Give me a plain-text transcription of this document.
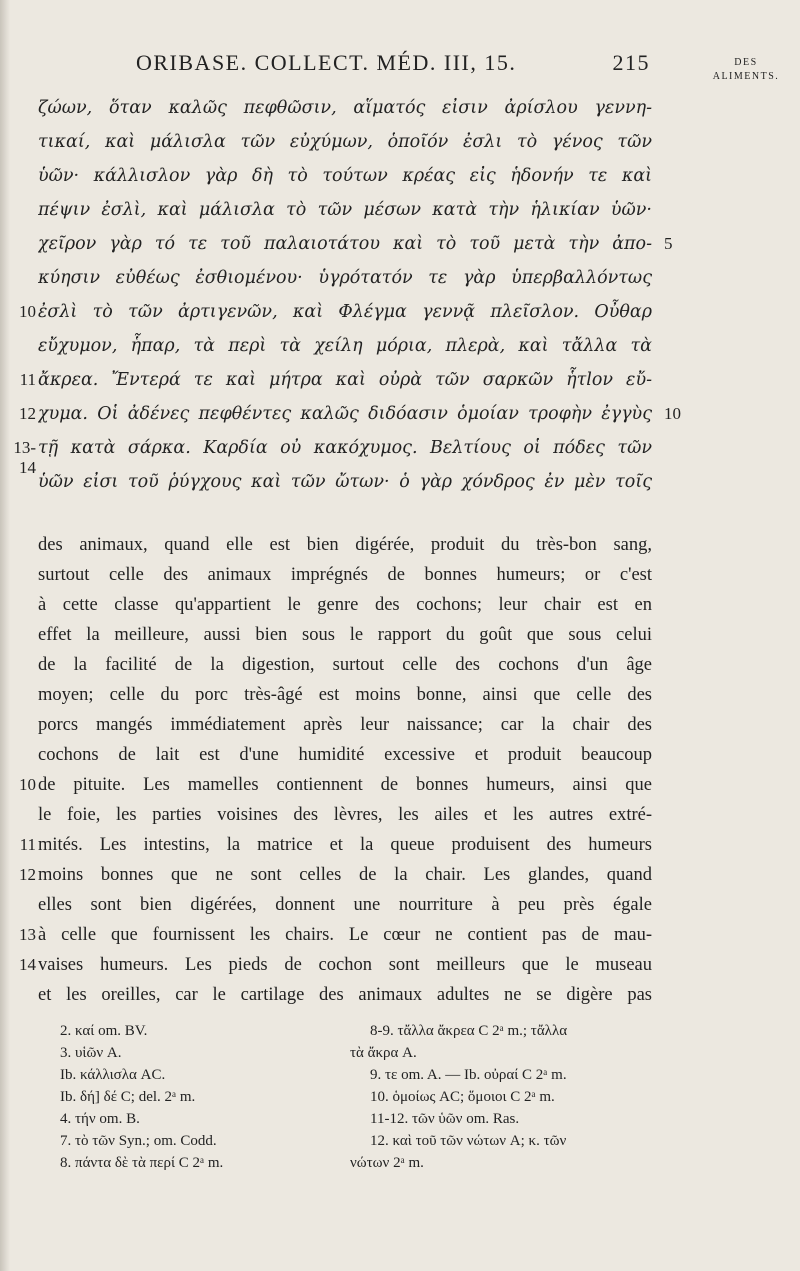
ORIBASE. COLLECT. MÉD. III, 15.	215	DES
ALIMENTS.
ζώων, ὅταν καλῶς πεφθῶσιν, αἵματός εἰσιν ἀρίσλου γεννη-
τικαί, καὶ μάλισλα τῶν εὐχύμων, ὁποῖόν ἐσλι τὸ γένος τῶν
ὑῶν· κάλλισλον γὰρ δὴ τὸ τούτων κρέας εἰς ἡδονήν τε καὶ
πέψιν ἐσλὶ, καὶ μάλισλα τὸ τῶν μέσων κατὰ τὴν ἡλικίαν ὑῶν·
χεῖρον γὰρ τό τε τοῦ παλαιοτάτου καὶ τὸ τοῦ μετὰ τὴν ἀπο-
κύησιν εὐθέως ἐσθιομένου· ὑγρότατόν τε γὰρ ὑπερβαλλόντως
ἐσλὶ τὸ τῶν ἀρτιγενῶν, καὶ Φλέγμα γεννᾷ πλεῖσλον. Οὖθαρ
εὔχυμον, ἧπαρ, τὰ περὶ τὰ χείλη μόρια, πλερὰ, καὶ τἄλλα τὰ
ἄκρεα. Ἔντερά τε καὶ μήτρα καὶ οὐρὰ τῶν σαρκῶν ἧτlον εὔ-
χυμα. Οἱ ἀδένες πεφθέντες καλῶς διδόασιν ὁμοίαν τροφὴν ἐγγὺς
τῇ κατὰ σάρκα. Καρδία οὐ κακόχυμος. Βελτίους οἱ πόδες τῶν
ὑῶν εἰσι τοῦ ῥύγχους καὶ τῶν ὤτων· ὁ γὰρ χόνδρος ἐν μὲν τοῖς
10
11
12
13-14
5
10
des animaux, quand elle est bien digérée, produit du très-bon sang,
surtout celle des animaux imprégnés de bonnes humeurs; or c'est
à cette classe qu'appartient le genre des cochons; leur chair est en
effet la meilleure, aussi bien sous le rapport du goût que sous celui
de la facilité de la digestion, surtout celle des cochons d'un âge
moyen; celle du porc très-âgé est moins bonne, ainsi que celle des
porcs mangés immédiatement après leur naissance; car la chair des
cochons de lait est d'une humidité excessive et produit beaucoup
de pituite. Les mamelles contiennent de bonnes humeurs, ainsi que
le foie, les parties voisines des lèvres, les ailes et les autres extré-
mités. Les intestins, la matrice et la queue produisent des humeurs
moins bonnes que ne sont celles de la chair. Les glandes, quand
elles sont bien digérées, donnent une nourriture à peu près égale
à celle que fournissent les chairs. Le cœur ne contient pas de mau-
vaises humeurs. Les pieds de cochon sont meilleurs que le museau
et les oreilles, car le cartilage des animaux adultes ne se digère pas
10
11
12
13
14
2. καί om. BV.
3. υἱῶν A.
Ib. κάλλισλα AC.
Ib. δή] δέ C; del. 2ᵃ m.
4. τήν om. B.
7. τὸ τῶν Syn.; om. Codd.
8. πάντα δὲ τὰ περί C 2ᵃ m.
8-9. τἄλλα ἄκρεα C 2ᵃ m.; τἄλλα
τὰ ἄκρα A.
9. τε om. A. — Ib. οὐραί C 2ᵃ m.
10. ὁμοίως AC; ὅμοιοι C 2ᵃ m.
11-12. τῶν ὑῶν om. Ras.
12. καὶ τοῦ τῶν νώτων A; κ. τῶν
νώτων 2ᵃ m.
